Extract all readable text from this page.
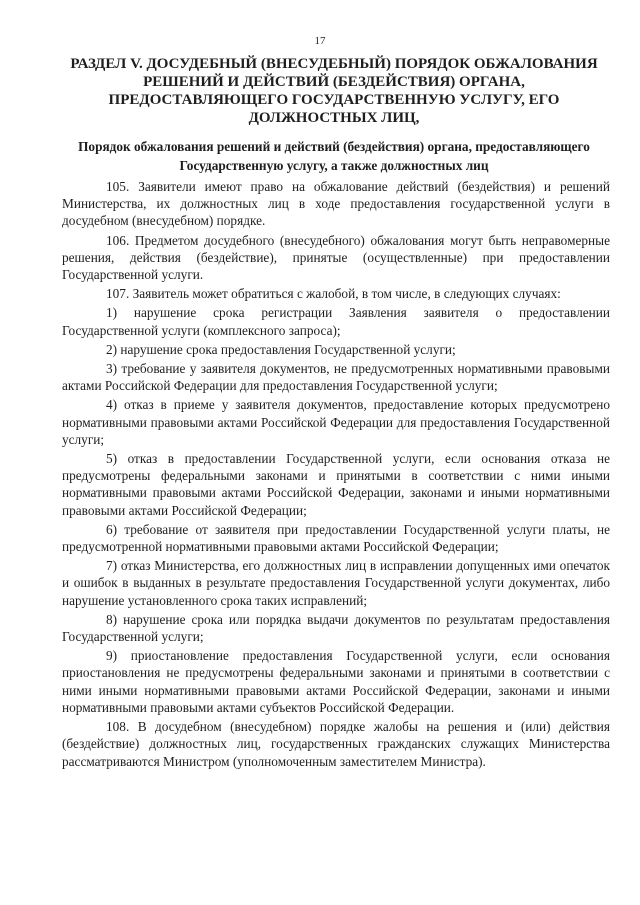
17
РАЗДЕЛ V. ДОСУДЕБНЫЙ (ВНЕСУДЕБНЫЙ) ПОРЯДОК ОБЖАЛОВАНИЯ РЕШЕНИЙ И ДЕЙСТВИЙ (БЕЗДЕЙСТВИЯ) ОРГАНА, ПРЕДОСТАВЛЯЮЩЕГО ГОСУДАРСТВЕННУЮ УСЛУГУ, ЕГО ДОЛЖНОСТНЫХ ЛИЦ,
Порядок обжалования решений и действий (бездействия) органа, предоставляющего Государственную услугу, а также должностных лиц

105. Заявители имеют право на обжалование действий (бездействия) и решений Министерства, их должностных лиц в ходе предоставления государственной услуги в досудебном (внесудебном) порядке.

106. Предметом досудебного (внесудебного) обжалования могут быть неправомерные решения, действия (бездействие), принятые (осуществленные) при предоставлении Государственной услуги.

107. Заявитель может обратиться с жалобой, в том числе, в следующих случаях:

1) нарушение срока регистрации Заявления заявителя о предоставлении Государственной услуги (комплексного запроса);

2) нарушение срока предоставления Государственной услуги;

3) требование у заявителя документов, не предусмотренных нормативными правовыми актами Российской Федерации для предоставления Государственной услуги;

4) отказ в приеме у заявителя документов, предоставление которых предусмотрено нормативными правовыми актами Российской Федерации для предоставления Государственной услуги;

5) отказ в предоставлении Государственной услуги, если основания отказа не предусмотрены федеральными законами и принятыми в соответствии с ними иными нормативными правовыми актами Российской Федерации, законами и иными нормативными правовыми актами Российской Федерации;

6) требование от заявителя при предоставлении Государственной услуги платы, не предусмотренной нормативными правовыми актами Российской Федерации;

7) отказ Министерства, его должностных лиц в исправлении допущенных ими опечаток и ошибок в выданных в результате предоставления Государственной услуги документах, либо нарушение установленного срока таких исправлений;

8) нарушение срока или порядка выдачи документов по результатам предоставления Государственной услуги;

9) приостановление предоставления Государственной услуги, если основания приостановления не предусмотрены федеральными законами и принятыми в соответствии с ними иными нормативными правовыми актами Российской Федерации, законами и иными нормативными правовыми актами субъектов Российской Федерации.

108. В досудебном (внесудебном) порядке жалобы на решения и (или) действия (бездействие) должностных лиц, государственных гражданских служащих Министерства рассматриваются Министром (уполномоченным заместителем Министра).
